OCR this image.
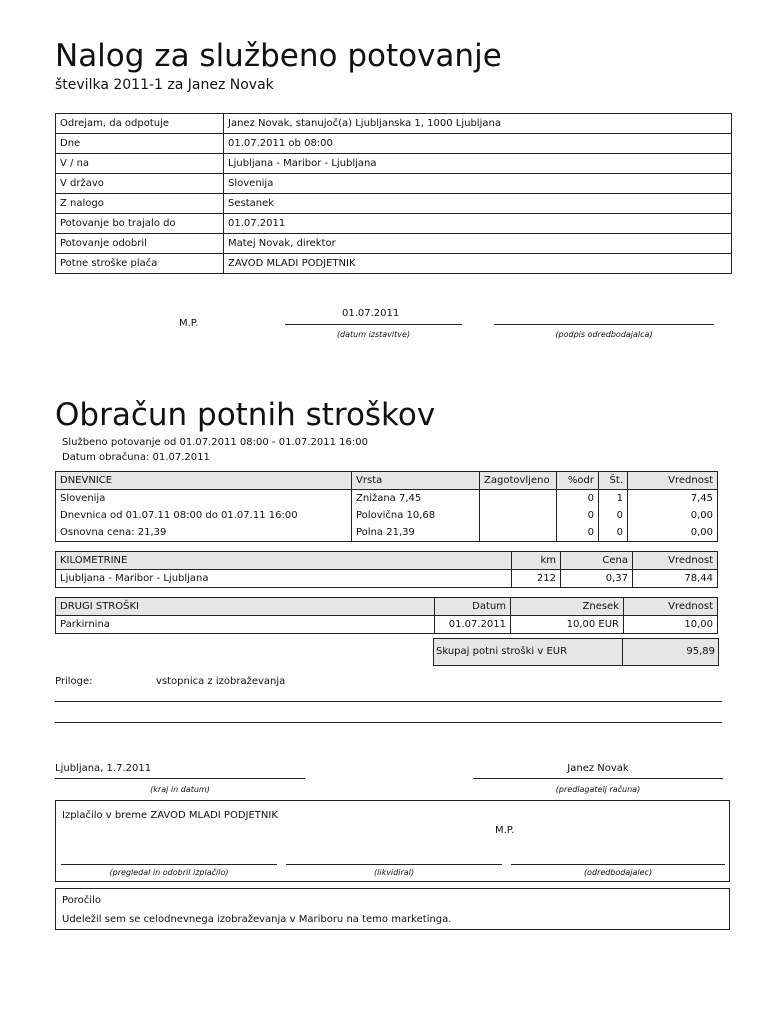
Nalog za službeno potovanje
številka 2011-1 za Janez Novak
Odrejam, da odpotuje	Janez Novak, stanujoč(a) Ljubljanska 1, 1000 Ljubljana
Dne	01.07.2011 ob 08:00
V / na	Ljubljana - Maribor - Ljubljana
V državo	Slovenija
Z nalogo	Sestanek
Potovanje bo trajalo do	01.07.2011
Potovanje odobril	Matej Novak, direktor
Potne stroške plača	ZAVOD MLADI PODJETNIK
M.P.
01.07.2011
(datum izstavitve)	(podpis odredbodajalca)
Obračun potnih stroškov
Službeno potovanje od 01.07.2011 08:00 - 01.07.2011 16:00
Datum obračuna: 01.07.2011
DNEVNICE	Vrsta	Zagotovljeno	%odr	Št.	Vrednost
Slovenija	Znižana 7,45		0	1	7,45
Dnevnica od 01.07.11 08:00 do 01.07.11 16:00	Polovična 10,68		0	0	0,00
Osnovna cena: 21,39	Polna 21,39		0	0	0,00
KILOMETRINE	km	Cena	Vrednost
Ljubljana - Maribor - Ljubljana	212	0,37	78,44
DRUGI STROŠKI	Datum	Znesek	Vrednost
Parkirnina	01.07.2011	10,00 EUR	10,00
Skupaj potni stroški v EUR	95,89
Priloge:	vstopnica z izobraževanja
Ljubljana, 1.7.2011
(kraj in datum)
Janez Novak
(predlagatelj računa)
Izplačilo v breme ZAVOD MLADI PODJETNIK
M.P.
(pregledal in odobril izplačilo)	(likvidiral)	(odredbodajalec)
Poročilo
Udeležil sem se celodnevnega izobraževanja v Mariboru na temo marketinga.
